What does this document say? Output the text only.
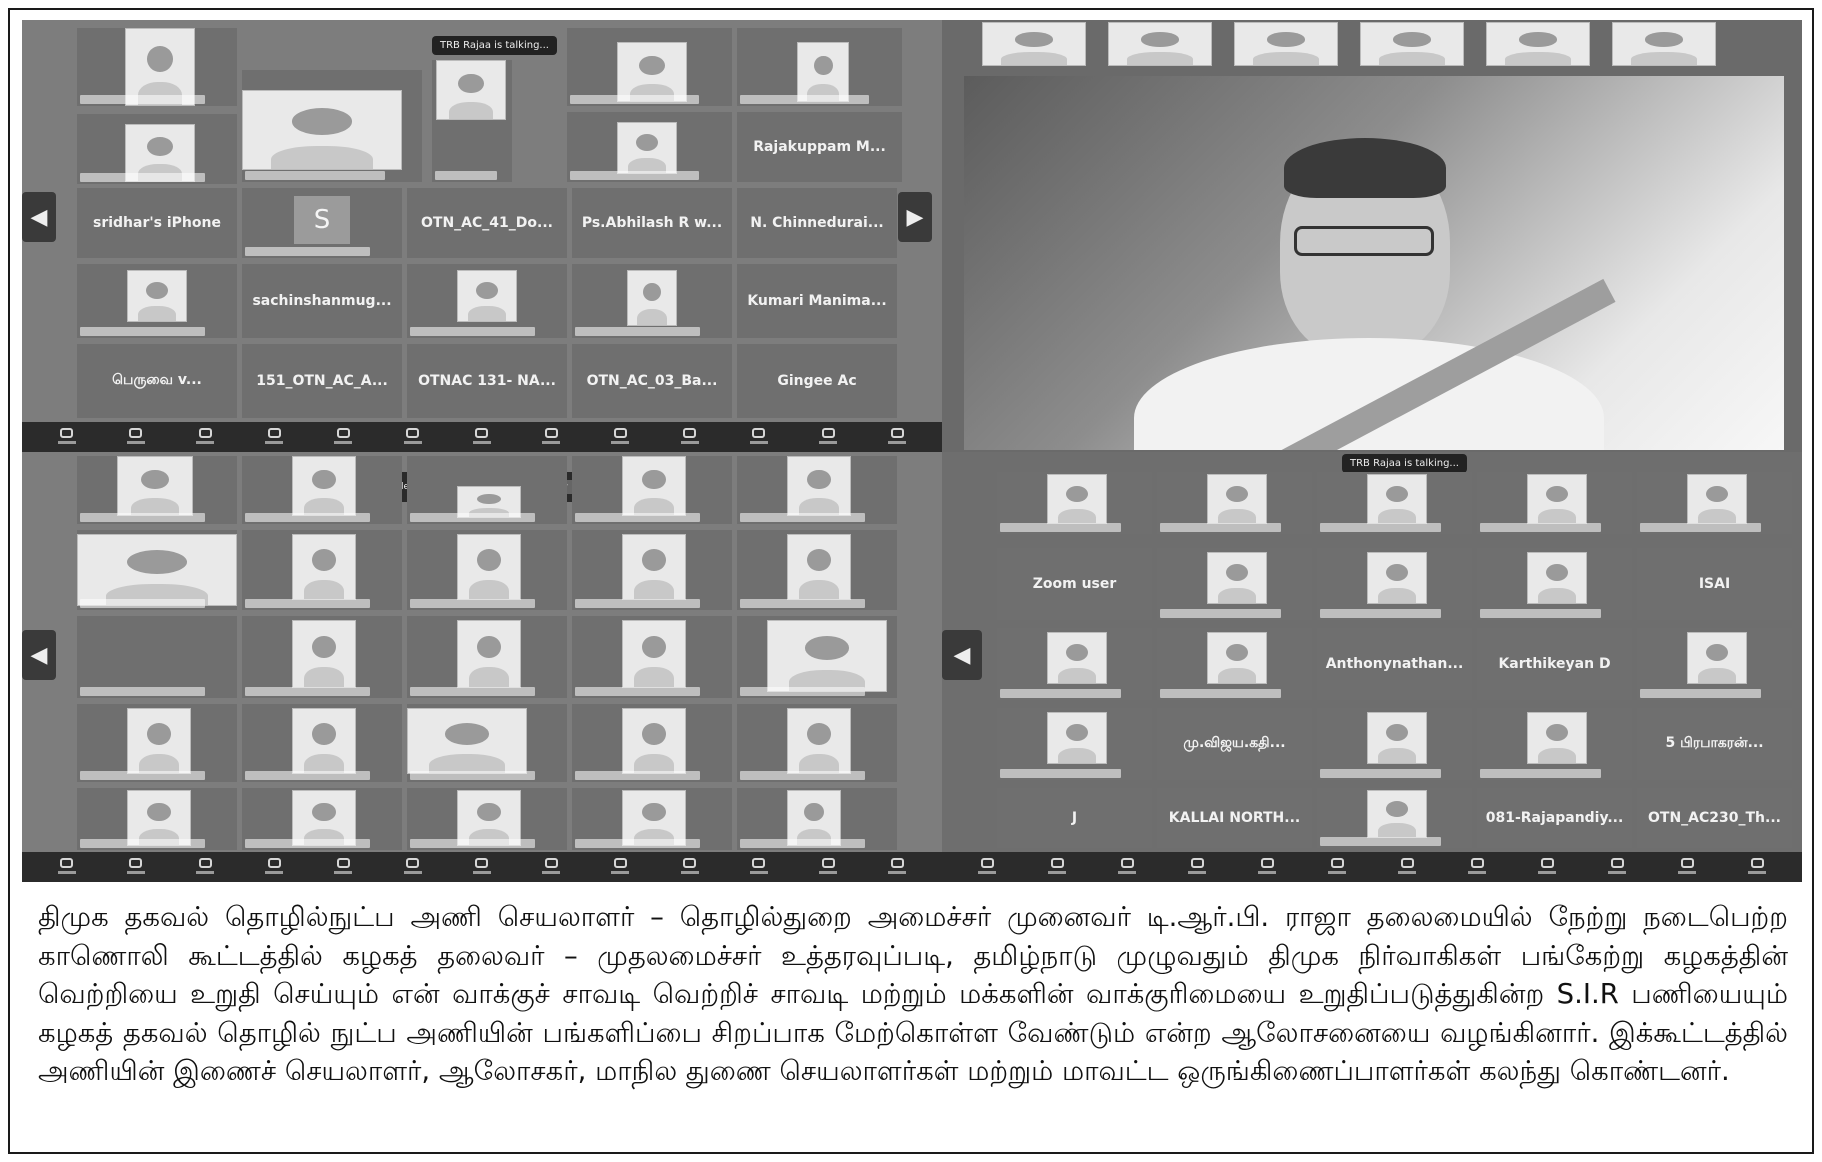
TRB Rajaa is talking...
Rajakuppam M...
◀	▶
sridhar's iPhone	S	OTN_AC_41_Do...	Ps.Abhilash R w...	N. Chinnedurai...
sachinshanmug...	Kumari Manima...
பெருவை v...	151_OTN_AC_A...	OTNAC 131- NA...	OTN_AC_03_Ba...	Gingee Ac
◀
TRB Rajaa is talking...
◀
Zoom user	ISAI
Anthonynathan...	Karthikeyan D
மு.விஜய.கதி...	5 பிரபாகரன்...
J	KALLAI NORTH...	081-Rajapandiy...	OTN_AC230_Th...
திமுக தகவல் தொழில்நுட்ப அணி செயலாளர் – தொழில்துறை அமைச்சர் முனைவர் டி.ஆர்.பி. ராஜா தலைமையில் நேற்று நடைபெற்ற காணொலி கூட்டத்தில் கழகத் தலைவர் – முதலமைச்சர் உத்தரவுப்படி, தமிழ்நாடு முழுவதும் திமுக நிர்வாகிகள் பங்கேற்று கழகத்தின் வெற்றியை உறுதி செய்யும் என் வாக்குச் சாவடி வெற்றிச் சாவடி மற்றும் மக்களின் வாக்குரிமையை உறுதிப்படுத்துகின்ற S.I.R பணியையும் கழகத் தகவல் தொழில் நுட்ப அணியின் பங்களிப்பை சிறப்பாக மேற்கொள்ள வேண்டும் என்ற ஆலோசனையை வழங்கினார். இக்கூட்டத்தில் அணியின் இணைச் செயலாளர், ஆலோசகர், மாநில துணை செயலாளர்கள் மற்றும் மாவட்ட ஒருங்கிணைப்பாளர்கள் கலந்து கொண்டனர்.
